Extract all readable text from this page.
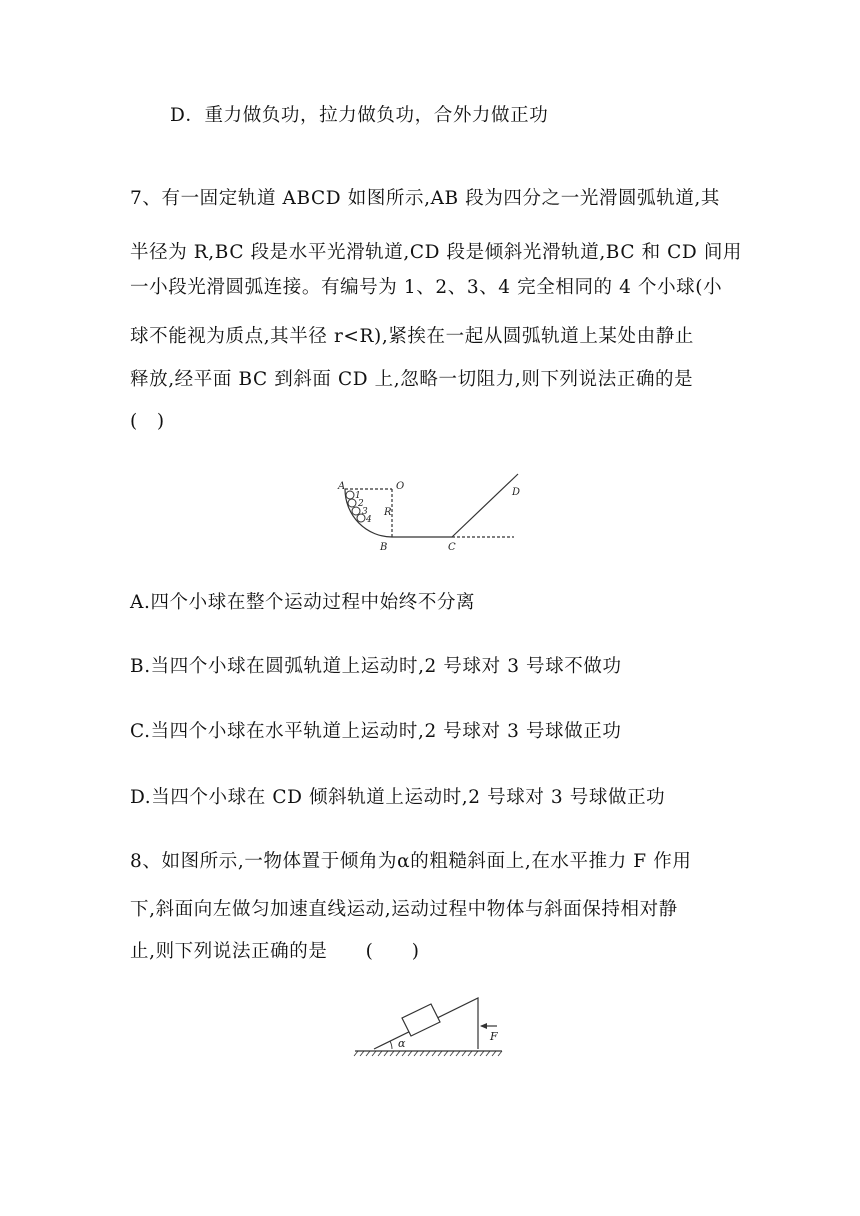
D．重力做负功，拉力做负功，合外力做正功
7、有一固定轨道 ABCD 如图所示,AB 段为四分之一光滑圆弧轨道,其
半径为 R,BC 段是水平光滑轨道,CD 段是倾斜光滑轨道,BC 和 CD 间用
一小段光滑圆弧连接。有编号为 1、2、3、4 完全相同的 4 个小球(小
球不能视为质点,其半径 r<R),紧挨在一起从圆弧轨道上某处由静止
释放,经平面 BC 到斜面 CD 上,忽略一切阻力,则下列说法正确的是
(　)
1
2
3
4
A	O
R
B	C
D
A.四个小球在整个运动过程中始终不分离
B.当四个小球在圆弧轨道上运动时,2 号球对 3 号球不做功
C.当四个小球在水平轨道上运动时,2 号球对 3 号球做正功
D.当四个小球在 CD 倾斜轨道上运动时,2 号球对 3 号球做正功
8、如图所示,一物体置于倾角为α的粗糙斜面上,在水平推力 F 作用
下,斜面向左做匀加速直线运动,运动过程中物体与斜面保持相对静
止,则下列说法正确的是　　(　　)
α
F
